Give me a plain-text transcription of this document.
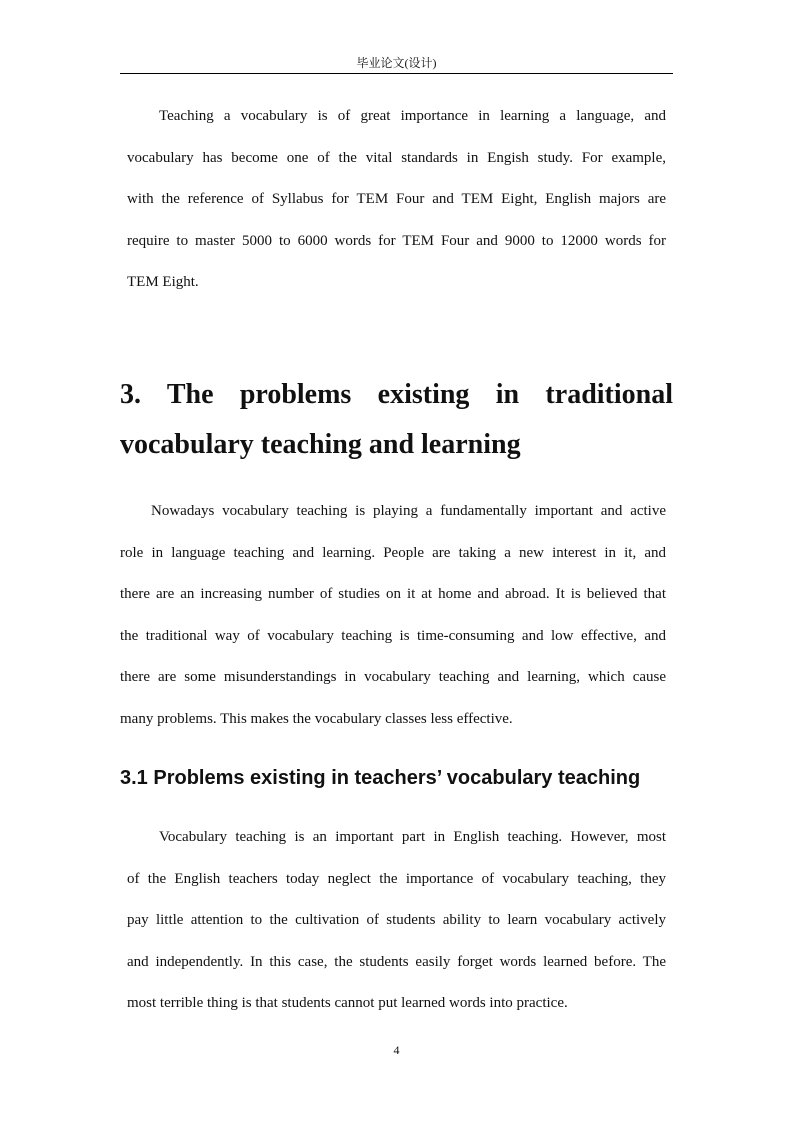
毕业论文(设计)
Teaching a vocabulary is of great importance in learning a language, and
vocabulary has become one of the vital standards in Engish study. For example,
with the reference of Syllabus for TEM Four and TEM Eight, English majors are
require to master 5000 to 6000 words for TEM Four and 9000 to 12000 words for
TEM Eight.
3. The problems existing in traditional
vocabulary teaching and learning
Nowadays vocabulary teaching is playing a fundamentally important and active
role in language teaching and learning. People are taking a new interest in it, and
there are an increasing number of studies on it at home and abroad. It is believed that
the traditional way of vocabulary teaching is time-consuming and low effective, and
there are some misunderstandings in vocabulary teaching and learning, which cause
many problems. This makes the vocabulary classes less effective.
3.1 Problems existing in teachers’ vocabulary teaching
Vocabulary teaching is an important part in English teaching. However, most
of the English teachers today neglect the importance of vocabulary teaching, they
pay little attention to the cultivation of students ability to learn vocabulary actively
and independently. In this case, the students easily forget words learned before. The
most terrible thing is that students cannot put learned words into practice.
4
